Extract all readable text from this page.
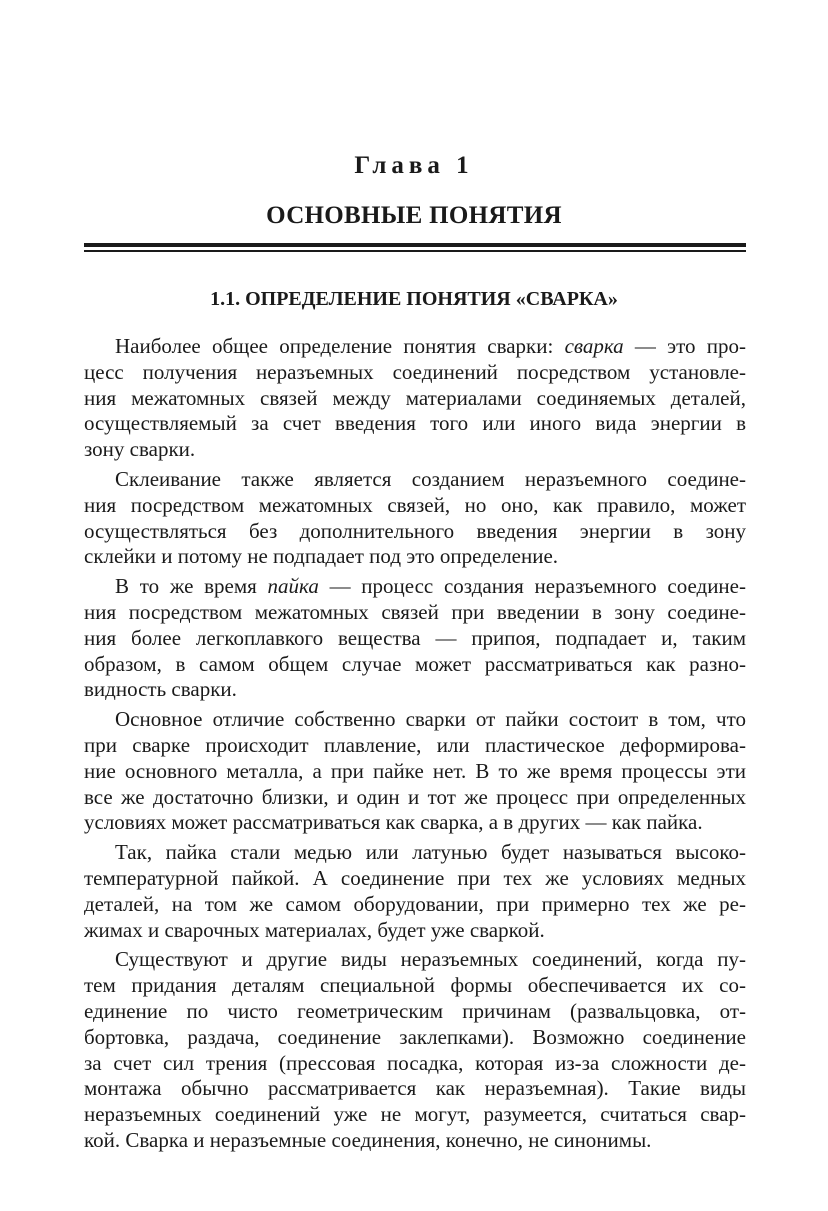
Глава 1
ОСНОВНЫЕ ПОНЯТИЯ
1.1. ОПРЕДЕЛЕНИЕ ПОНЯТИЯ «СВАРКА»
Наиболее общее определение понятия сварки: сварка — это про-
цесс получения неразъемных соединений посредством установле-
ния межатомных связей между материалами соединяемых деталей,
осуществляемый за счет введения того или иного вида энергии в
зону сварки.
Склеивание также является созданием неразъемного соедине-
ния посредством межатомных связей, но оно, как правило, может
осуществляться без дополнительного введения энергии в зону
склейки и потому не подпадает под это определение.
В то же время пайка — процесс создания неразъемного соедине-
ния посредством межатомных связей при введении в зону соедине-
ния более легкоплавкого вещества — припоя, подпадает и, таким
образом, в самом общем случае может рассматриваться как разно-
видность сварки.
Основное отличие собственно сварки от пайки состоит в том, что
при сварке происходит плавление, или пластическое деформирова-
ние основного металла, а при пайке нет. В то же время процессы эти
все же достаточно близки, и один и тот же процесс при определенных
условиях может рассматриваться как сварка, а в других — как пайка.
Так, пайка стали медью или латунью будет называться высоко-
температурной пайкой. А соединение при тех же условиях медных
деталей, на том же самом оборудовании, при примерно тех же ре-
жимах и сварочных материалах, будет уже сваркой.
Существуют и другие виды неразъемных соединений, когда пу-
тем придания деталям специальной формы обеспечивается их со-
единение по чисто геометрическим причинам (развальцовка, от-
бортовка, раздача, соединение заклепками). Возможно соединение
за счет сил трения (прессовая посадка, которая из-за сложности де-
монтажа обычно рассматривается как неразъемная). Такие виды
неразъемных соединений уже не могут, разумеется, считаться свар-
кой. Сварка и неразъемные соединения, конечно, не синонимы.
